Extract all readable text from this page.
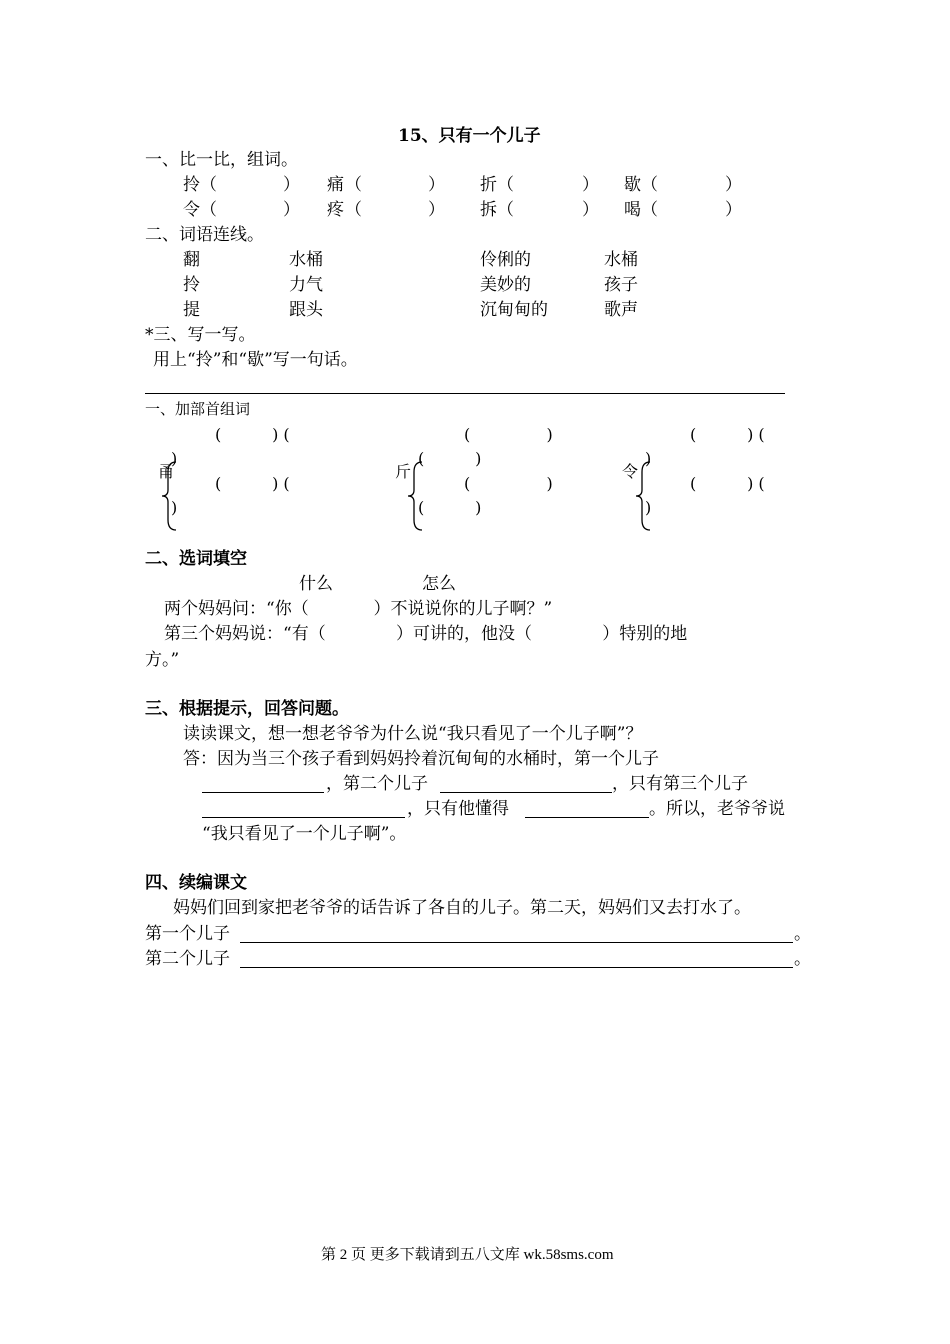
15、只有一个儿子
一、比一比，组词。
拎 （	） 痛 （	） 折 （	） 歇 （	）
令 （	） 疼 （	） 拆 （	） 喝 （	）
二、词语连线。
翻	水桶	伶俐的	水桶
拎	力气	美妙的	孩子
提	跟头	沉甸甸的	歌声
*三、写一写。
用上“拎”和“歇”写一句话。
一、加部首组词
(          ) (
)
甬
(          ) (
)
(               )
(          )
斤
(               )
(          )
(          ) (
)
令
(          ) (
)
二、选词填空
什么	怎么
两个妈妈问：“你（            ）不说说你的儿子啊？”
第三个妈妈说：“有（             ）可讲的，他没（             ）特别的地
方。”
三、根据提示，回答问题。
读读课文，想一想老爷爷为什么说“我只看见了一个儿子啊”？
答：因为当三个孩子看到妈妈拎着沉甸甸的水桶时，第一个儿子
，第二个儿子	，只有第三个儿子
，只有他懂得	。所以，老爷爷说
“我只看见了一个儿子啊”。
四、续编课文
妈妈们回到家把老爷爷的话告诉了各自的儿子。第二天，妈妈们又去打水了。
第一个儿子	。
第二个儿子	。
第 2 页 更多下载请到五八文库 wk.58sms.com
